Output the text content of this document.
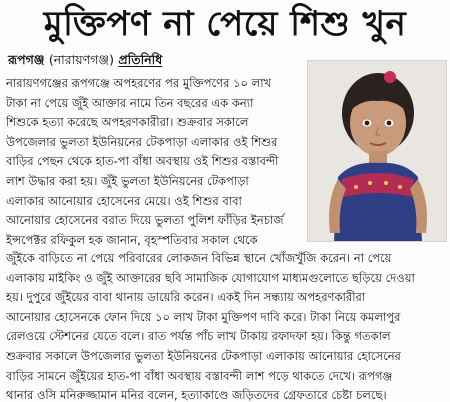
মুক্তিপণ না পেয়ে শিশু খুন
রূপগঞ্জ (নারায়ণগঞ্জ) প্রতিনিধি
নারায়ণগঞ্জের রূপগঞ্জে অপহরণের পর মুক্তিপণের ১০ লাখ
টাকা না পেয়ে জুঁই আক্তার নামে তিন বছরের এক কন্যা
শিশুকে হত্যা করেছে অপহরণকারীরা। শুক্রবার সকালে
উপজেলার ভুলতা ইউনিয়নের টেকপাড়া এলাকার ওই শিশুর
বাড়ির পেছন থেকে হাত-পা বাঁধা অবস্থায় ওই শিশুর বস্তাবন্দী
লাশ উদ্ধার করা হয়। জুঁই ভুলতা ইউনিয়নের টেকপাড়া
এলাকার আনোয়ার হোসেনের মেয়ে। ওই শিশুর বাবা
আনোয়ার হোসেনের বরাত দিয়ে ভুলতা পুলিশ ফাঁড়ির ইনচার্জ
ইন্সপেক্টর রফিকুল হক জানান, বৃহস্পতিবার সকাল থেকে
জুঁইকে বাড়িতে না পেয়ে পরিবারের লোকজন বিভিন্ন স্থানে খোঁজখুঁজি করেন। না পেয়ে
এলাকায় মাইকিং ও জুঁই আক্তারের ছবি সামাজিক যোগাযোগ মাধ্যমগুলোতে ছড়িয়ে দেওয়া
হয়। দুপুরে জুঁইয়ের বাবা থানায় ডায়েরি করেন। একই দিন সন্ধ্যায় অপহরণকারীরা
আনোয়ার হোসেনকে ফোন দিয়ে ১০ লাখ টাকা মুক্তিপণ দাবি করে। টাকা নিয়ে কমলাপুর
রেলওয়ে স্টেশনের যেতে বলে। রাত পর্যন্ত পাঁচ লাখ টাকায় রফাদফা হয়। কিন্তু গতকাল
শুক্রবার সকালে উপজেলার ভুলতা ইউনিয়নের টেকপাড়া এলাকায় আনোয়ার হোসেনের
বাড়ির সামনে জুঁইয়ের হাত-পা বাঁধা অবস্থায় বস্তাবন্দী লাশ পড়ে থাকতে দেখে। রূপগঞ্জ
থানার ওসি মনিরুজ্জামান মনির বলেন, হত্যাকাণ্ডে জড়িতদের গ্রেফতারে চেষ্টা চলছে।
